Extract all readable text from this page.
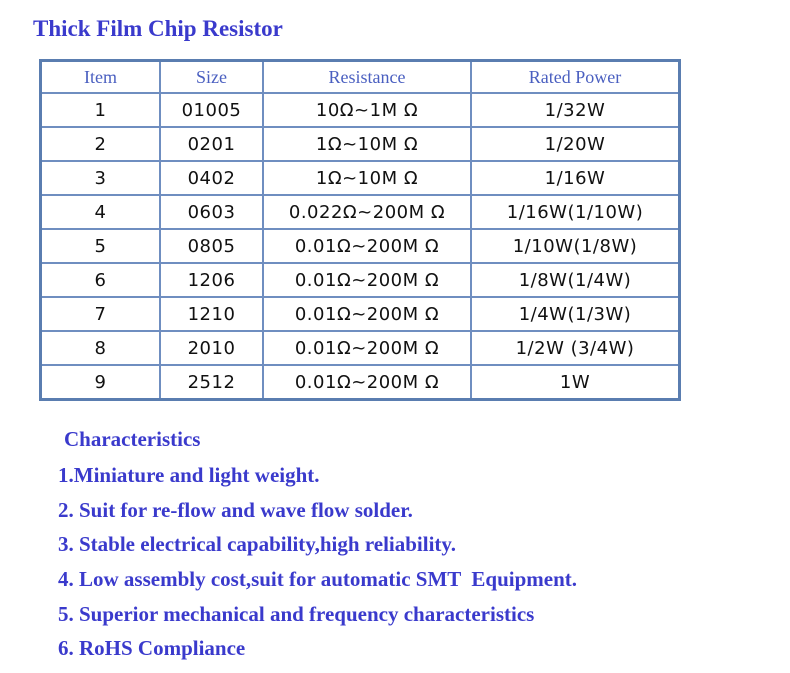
Thick Film Chip Resistor
Item	Size	Resistance	Rated Power
1	01005	10Ω~1M Ω	1/32W
2	0201	1Ω~10M Ω	1/20W
3	0402	1Ω~10M Ω	1/16W
4	0603	0.022Ω~200M Ω	1/16W(1/10W)
5	0805	0.01Ω~200M Ω	1/10W(1/8W)
6	1206	0.01Ω~200M Ω	1/8W(1/4W)
7	1210	0.01Ω~200M Ω	1/4W(1/3W)
8	2010	0.01Ω~200M Ω	1/2W (3/4W)
9	2512	0.01Ω~200M Ω	1W
Characteristics
1.Miniature and light weight.
2. Suit for re-flow and wave flow solder.
3. Stable electrical capability,high reliability.
4. Low assembly cost,suit for automatic SMT  Equipment.
5. Superior mechanical and frequency characteristics
6. RoHS Compliance
